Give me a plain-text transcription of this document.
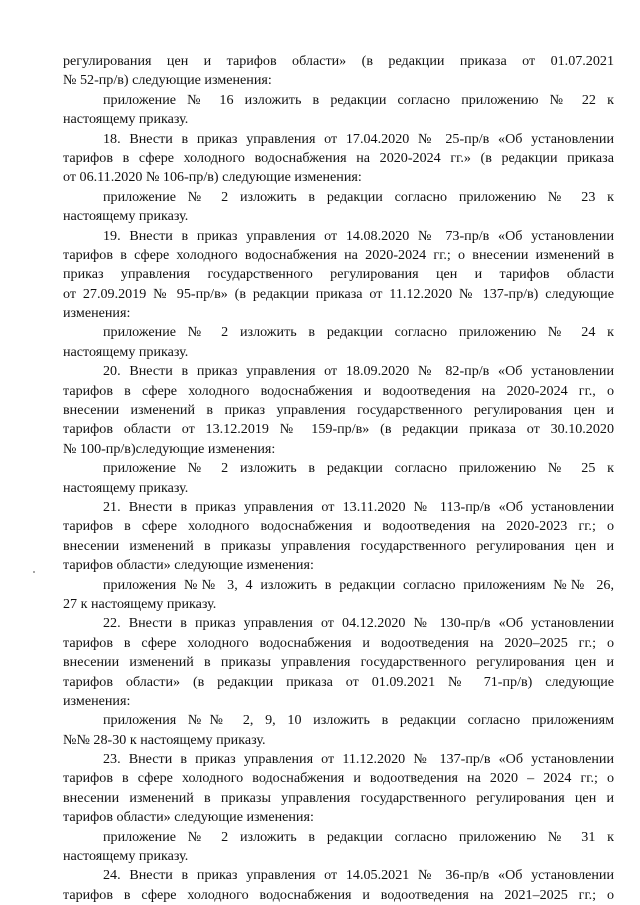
регулирования цен и тарифов области» (в редакции приказа от 01.07.2021
№ 52-пр/в) следующие изменения:
приложение № 16 изложить в редакции согласно приложению № 22 к
настоящему приказу.
18. Внести в приказ управления от 17.04.2020 № 25-пр/в «Об установлении
тарифов в сфере холодного водоснабжения на 2020-2024 гг.» (в редакции приказа
от 06.11.2020 № 106-пр/в) следующие изменения:
приложение № 2 изложить в редакции согласно приложению № 23 к
настоящему приказу.
19. Внести в приказ управления от 14.08.2020 № 73-пр/в «Об установлении
тарифов в сфере холодного водоснабжения на 2020-2024 гг.; о внесении изменений в
приказ управления государственного регулирования цен и тарифов области
от 27.09.2019 № 95-пр/в» (в редакции приказа от 11.12.2020 № 137-пр/в) следующие
изменения:
приложение № 2 изложить в редакции согласно приложению № 24 к
настоящему приказу.
20. Внести в приказ управления от 18.09.2020 № 82-пр/в «Об установлении
тарифов в сфере холодного водоснабжения и водоотведения на 2020-2024 гг., о
внесении изменений в приказ управления государственного регулирования цен и
тарифов области от 13.12.2019 № 159-пр/в» (в редакции приказа от 30.10.2020
№ 100-пр/в)следующие изменения:
приложение № 2 изложить в редакции согласно приложению № 25 к
настоящему приказу.
21. Внести в приказ управления от 13.11.2020 № 113-пр/в «Об установлении
тарифов в сфере холодного водоснабжения и водоотведения на 2020-2023 гг.; о
внесении изменений в приказы управления государственного регулирования цен и
тарифов области» следующие изменения:
приложения №№ 3, 4 изложить в редакции согласно приложениям №№ 26,
27 к настоящему приказу.
22. Внести в приказ управления от 04.12.2020 № 130-пр/в «Об установлении
тарифов в сфере холодного водоснабжения и водоотведения на 2020–2025 гг.; о
внесении изменений в приказы управления государственного регулирования цен и
тарифов области» (в редакции приказа от 01.09.2021 № 71-пр/в) следующие
изменения:
приложения №№ 2, 9, 10 изложить в редакции согласно приложениям
№№ 28-30 к настоящему приказу.
23. Внести в приказ управления от 11.12.2020 № 137-пр/в «Об установлении
тарифов в сфере холодного водоснабжения и водоотведения на 2020 – 2024 гг.; о
внесении изменений в приказы управления государственного регулирования цен и
тарифов области» следующие изменения:
приложение № 2 изложить в редакции согласно приложению № 31 к
настоящему приказу.
24. Внести в приказ управления от 14.05.2021 № 36-пр/в «Об установлении
тарифов в сфере холодного водоснабжения и водоотведения на 2021–2025 гг.; о
